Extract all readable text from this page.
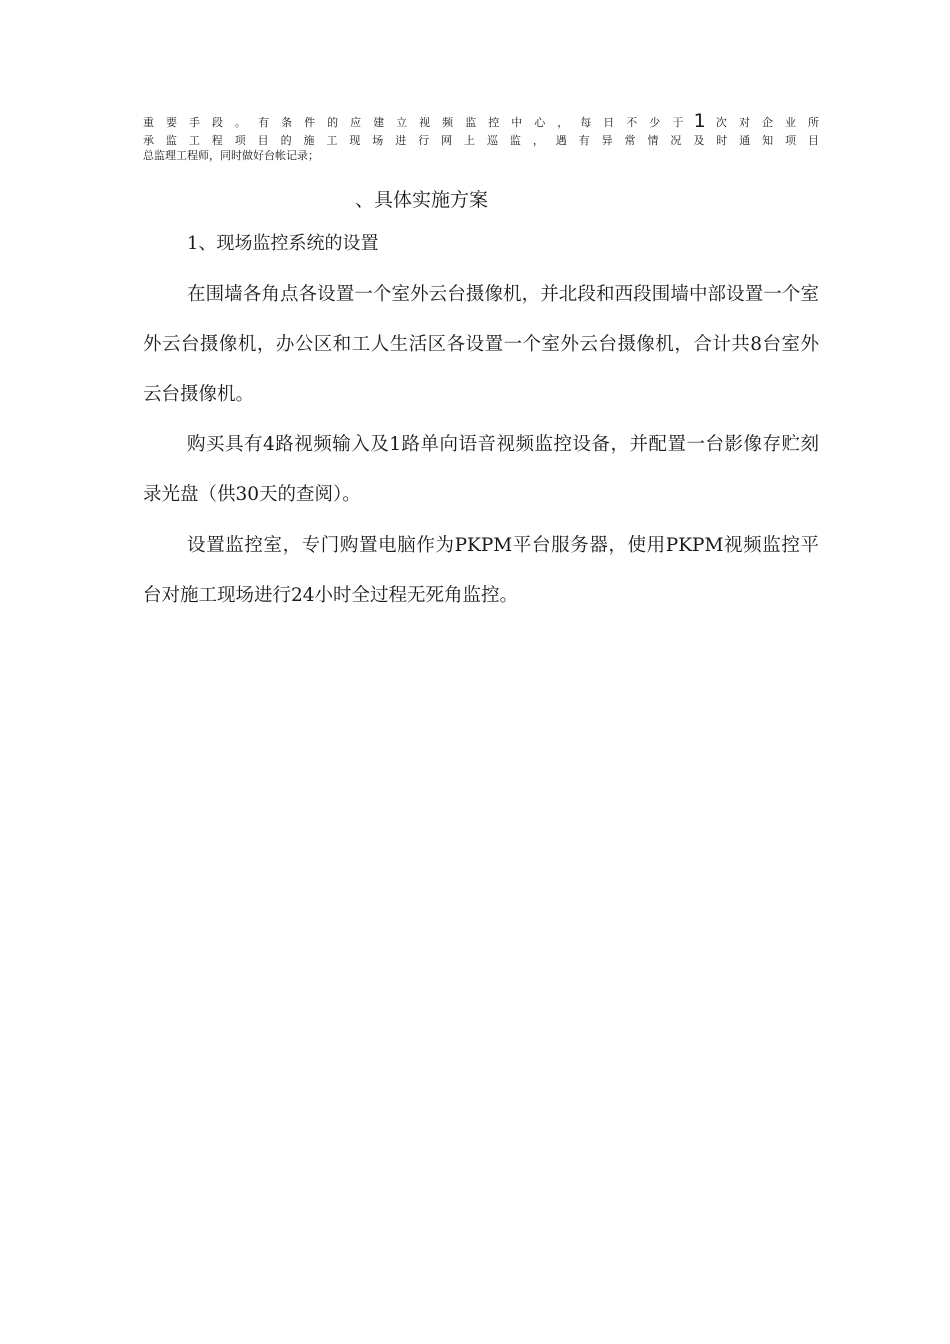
重 要 手 段 。 有 条 件 的 应 建 立 视 频 监 控 中 心 ， 每 日 不 少 于 1 次 对 企 业 所
承 监 工 程 项 目 的 施 工 现 场 进 行 网 上 巡 监 ， 遇 有 异 常 情 况 及 时 通 知 项 目
总监理工程师，同时做好台帐记录；
、具体实施方案
1、现场监控系统的设置

在围墙各角点各设置一个室外云台摄像机，并北段和西段围墙中部设置一个室外云台摄像机，办公区和工人生活区各设置一个室外云台摄像机，合计共8台室外云台摄像机。

购买具有4路视频输入及1路单向语音视频监控设备，并配置一台影像存贮刻录光盘（供30天的查阅）。

设置监控室，专门购置电脑作为PKPM平台服务器，使用PKPM视频监控平台对施工现场进行24小时全过程无死角监控。
